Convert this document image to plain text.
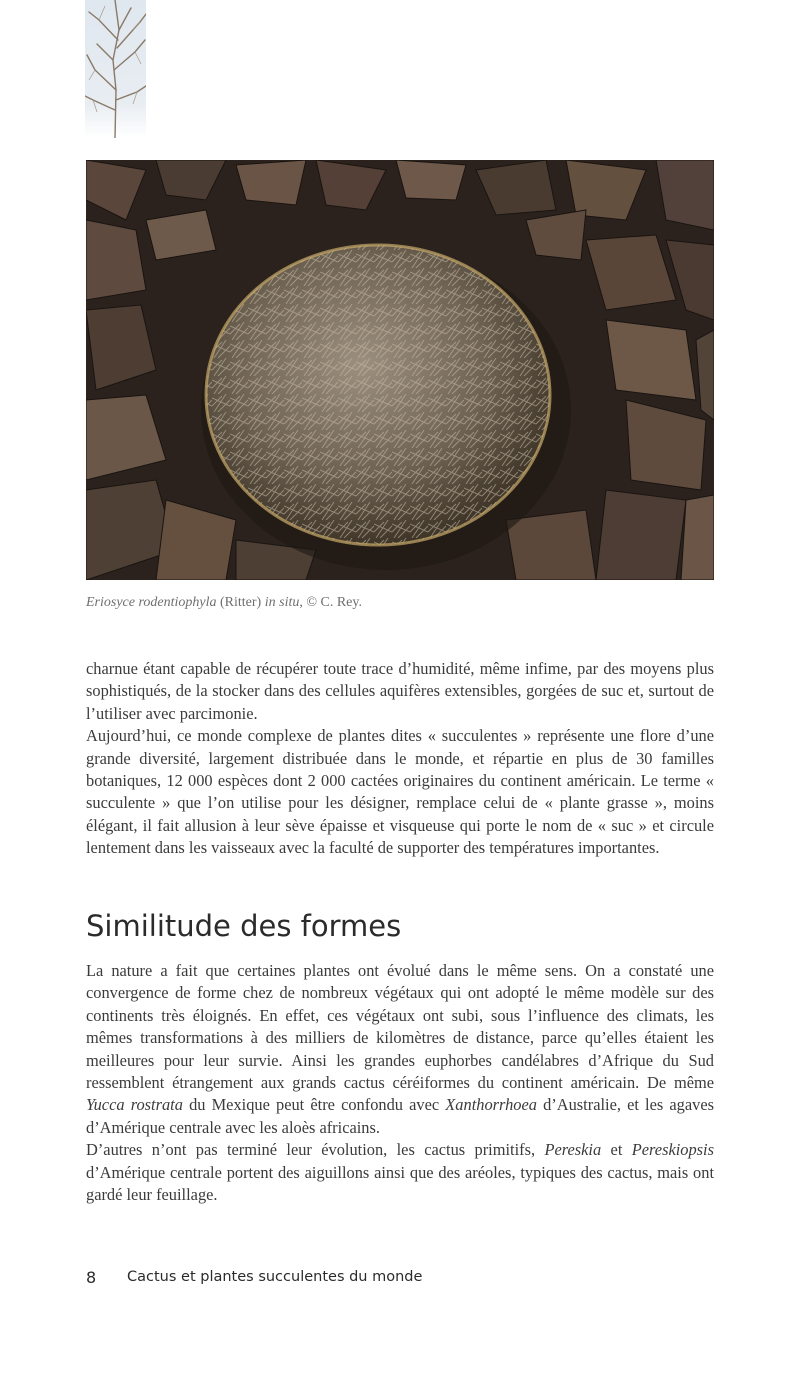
Eriosyce rodentiophyla (Ritter) in situ, © C. Rey.

charnue étant capable de récupérer toute trace d’humidité, même infime, par des moyens plus sophistiqués, de la stocker dans des cellules aquifères extensibles, gorgées de suc et, surtout de l’utiliser avec parcimonie.

Aujourd’hui, ce monde complexe de plantes dites « succulentes » représente une flore d’une grande diversité, largement distribuée dans le monde, et répartie en plus de 30 familles botaniques, 12 000 espèces dont 2 000 cactées originaires du continent américain. Le terme « succulente » que l’on utilise pour les désigner, remplace celui de « plante grasse », moins élégant, il fait allusion à leur sève épaisse et visqueuse qui porte le nom de « suc » et circule lentement dans les vaisseaux avec la faculté de supporter des températures importantes.

Similitude des formes

La nature a fait que certaines plantes ont évolué dans le même sens. On a constaté une convergence de forme chez de nombreux végétaux qui ont adopté le même modèle sur des continents très éloignés. En effet, ces végétaux ont subi, sous l’influence des climats, les mêmes transformations à des milliers de kilomètres de distance, parce qu’elles étaient les meilleures pour leur survie. Ainsi les grandes euphorbes candélabres d’Afrique du Sud ressemblent étrangement aux grands cactus céréiformes du continent américain. De même Yucca rostrata du Mexique peut être confondu avec Xanthorrhoea d’Australie, et les agaves d’Amérique centrale avec les aloès africains.

D’autres n’ont pas terminé leur évolution, les cactus primitifs, Pereskia et Pereskiopsis d’Amérique centrale portent des aiguillons ainsi que des aréoles, typiques des cactus, mais ont gardé leur feuillage.

8 Cactus et plantes succulentes du monde
